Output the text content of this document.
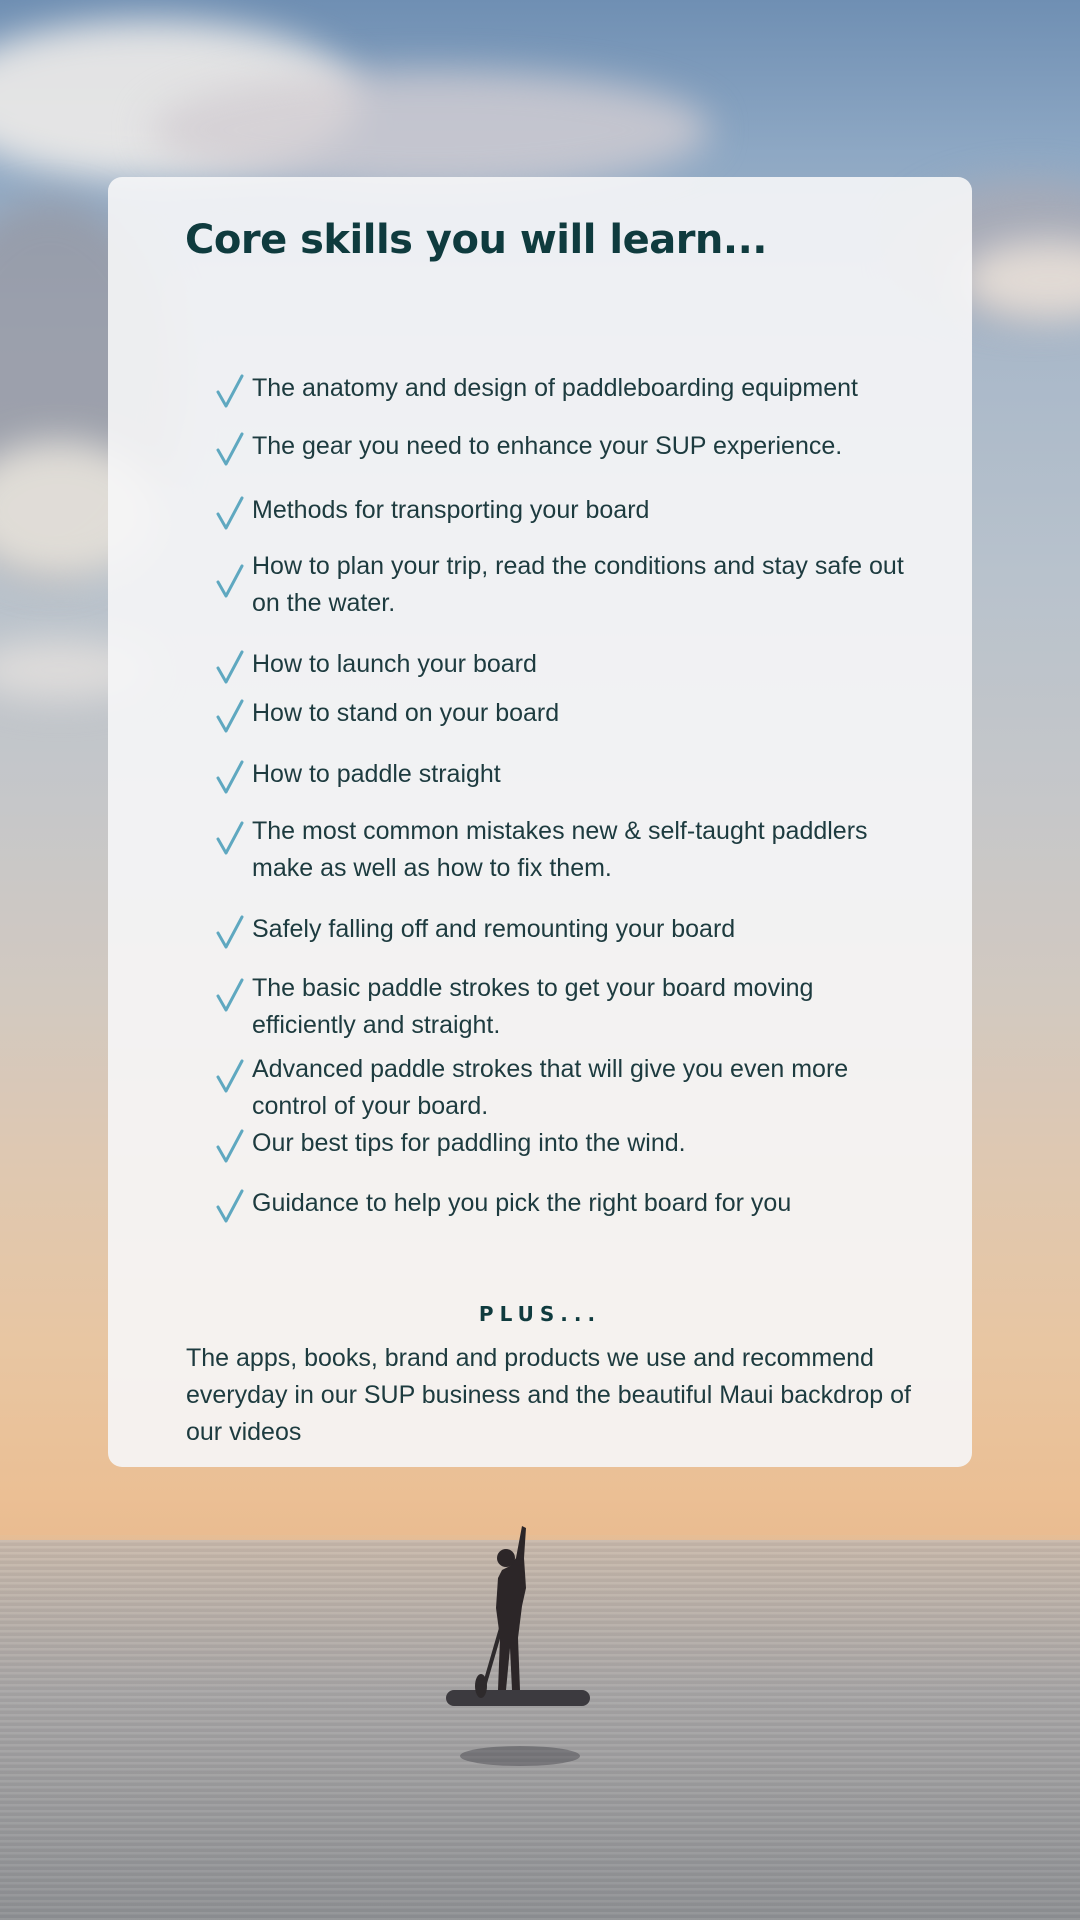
Core skills you will learn...
The anatomy and design of paddleboarding equipment
The gear you need to enhance your SUP experience.
Methods for transporting your board
How to plan your trip, read the conditions and stay safe out on the water.
How to launch your board
How to stand on your board
How to paddle straight
The most common mistakes new & self-taught paddlers make as well as how to fix them.
Safely falling off and remounting your board
The basic paddle strokes to get your board moving efficiently and straight.
Advanced paddle strokes that will give you even more control of your board.
Our best tips for paddling into the wind.
Guidance to help you pick the right board for you
PLUS...
The apps, books, brand and products we use and recommend everyday in our SUP business and the beautiful Maui backdrop of our videos
